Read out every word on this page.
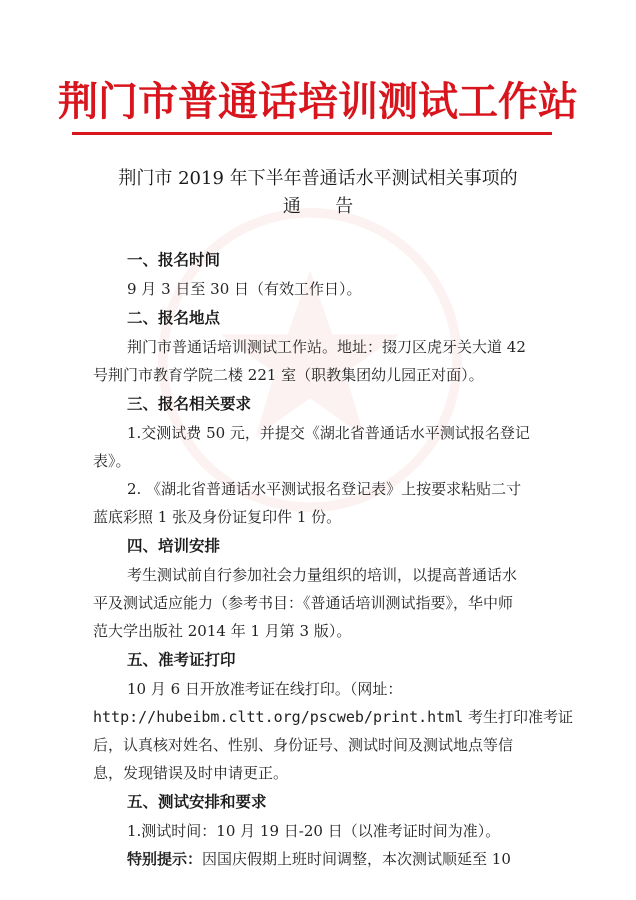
荆门市普通话培训测试工作站
荆门市 2019 年下半年普通话水平测试相关事项的
通      告
一、报名时间
9 月 3 日至 30 日（有效工作日）。
二、报名地点
荆门市普通话培训测试工作站。地址：掇刀区虎牙关大道 42
号荆门市教育学院二楼 221 室（职教集团幼儿园正对面）。
三、报名相关要求
1.交测试费 50 元，并提交《湖北省普通话水平测试报名登记
表》。
2. 《湖北省普通话水平测试报名登记表》上按要求粘贴二寸
蓝底彩照 1 张及身份证复印件 1 份。
四、培训安排
考生测试前自行参加社会力量组织的培训，以提高普通话水
平及测试适应能力（参考书目：《普通话培训测试指要》，华中师
范大学出版社 2014 年 1 月第 3 版）。
五、准考证打印
10 月 6 日开放准考证在线打印。（网址：
http://hubeibm.cltt.org/pscweb/print.html 考生打印准考证
后，认真核对姓名、性别、身份证号、测试时间及测试地点等信
息，发现错误及时申请更正。
五、测试安排和要求
1.测试时间：10 月 19 日-20 日（以准考证时间为准）。
特别提示：因国庆假期上班时间调整，本次测试顺延至 10
